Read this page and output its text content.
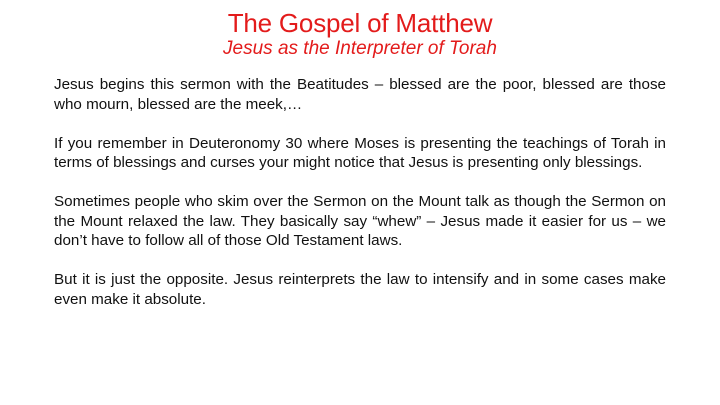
The Gospel of Matthew
Jesus as the Interpreter of Torah

Jesus begins this sermon with the Beatitudes – blessed are the poor, blessed are those who mourn, blessed are the meek,…

If you remember in Deuteronomy 30 where Moses is presenting the teachings of Torah in terms of blessings and curses your might notice that Jesus is presenting only blessings.

Sometimes people who skim over the Sermon on the Mount talk as though the Sermon on the Mount relaxed the law. They basically say “whew” – Jesus made it easier for us – we don’t have to follow all of those Old Testament laws.

But it is just the opposite. Jesus reinterprets the law to intensify and in some cases make even make it absolute.
